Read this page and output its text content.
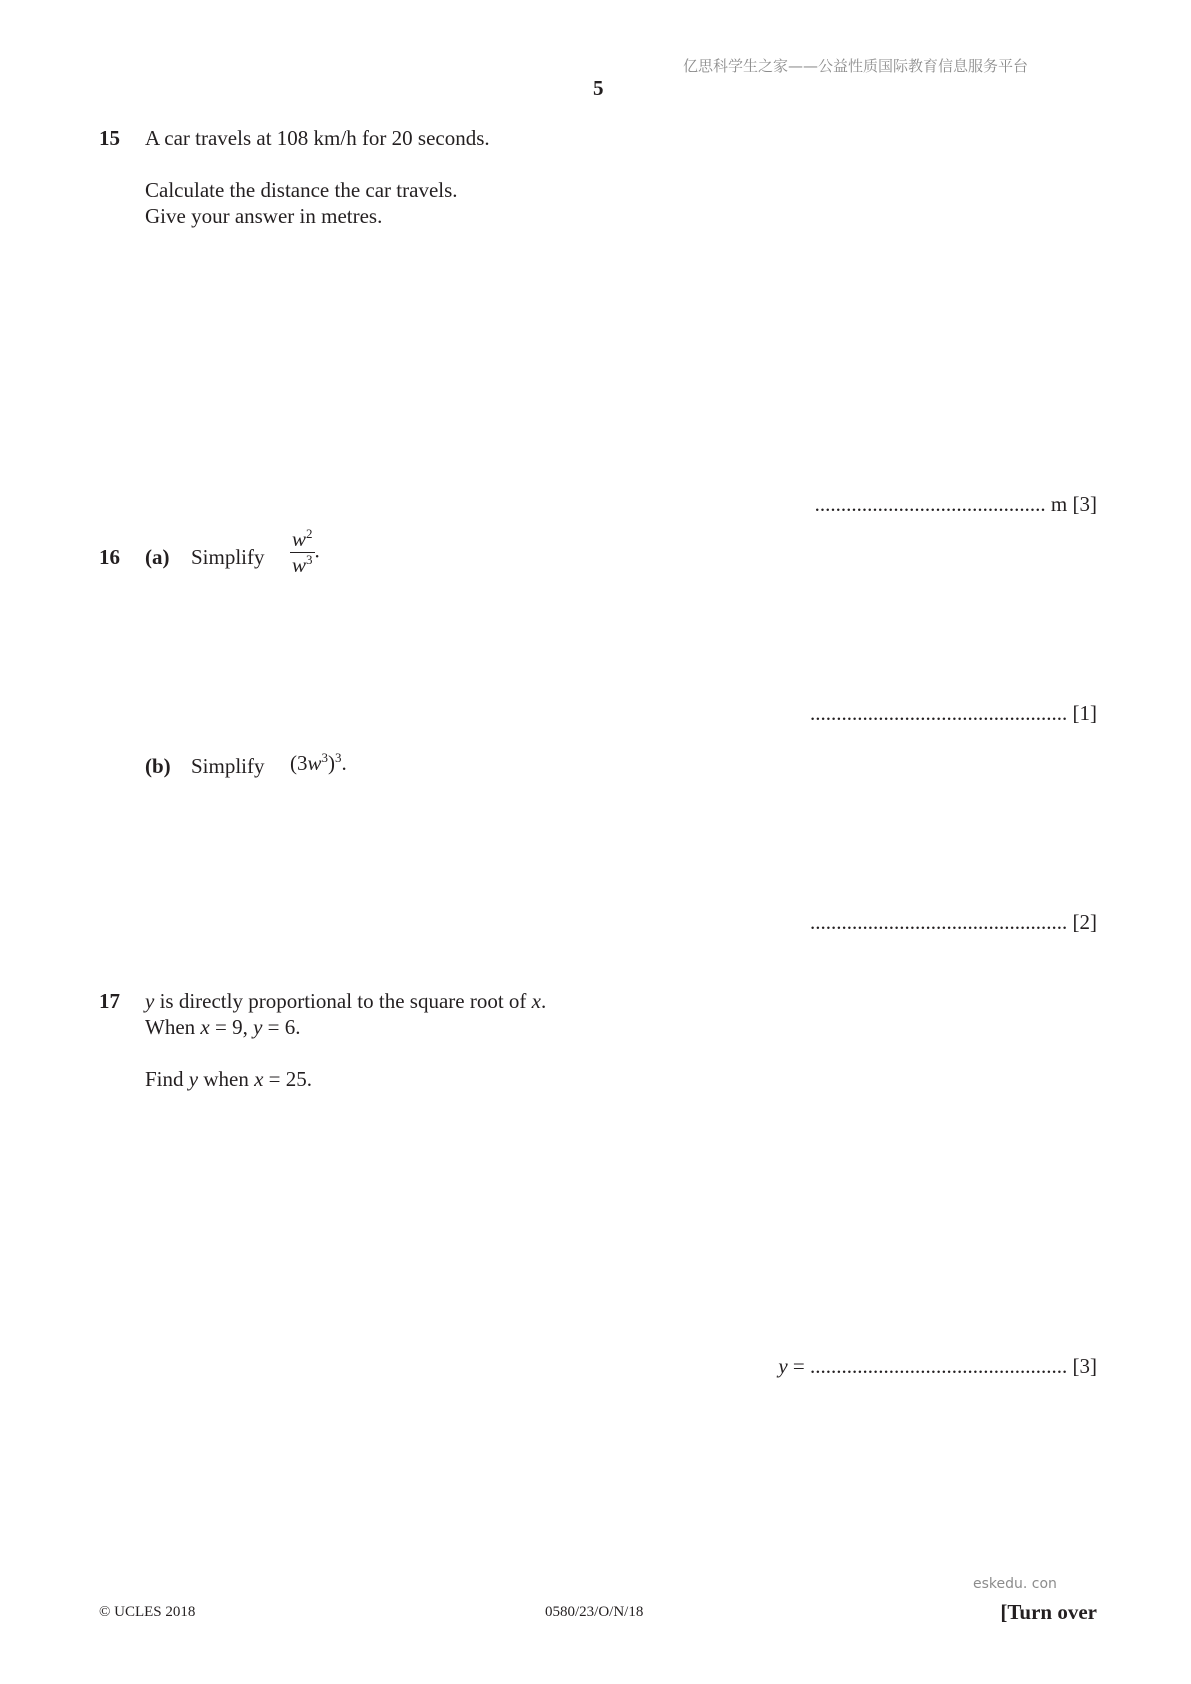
亿思科学生之家——公益性质国际教育信息服务平台
5
15 A car travels at 108 km/h for 20 seconds.
Calculate the distance the car travels.
Give your answer in metres.
............................................ m [3]
16 (a) Simplify $\frac{w^2}{w^3}$ .
................................................. [1]
(b) Simplify $(3w^3)^3$.
................................................. [2]
17 y is directly proportional to the square root of x.
When x = 9, y = 6.
Find y when x = 25.
y = ................................................. [3]
eskedu. con
© UCLES 2018	0580/23/O/N/18	[Turn over
